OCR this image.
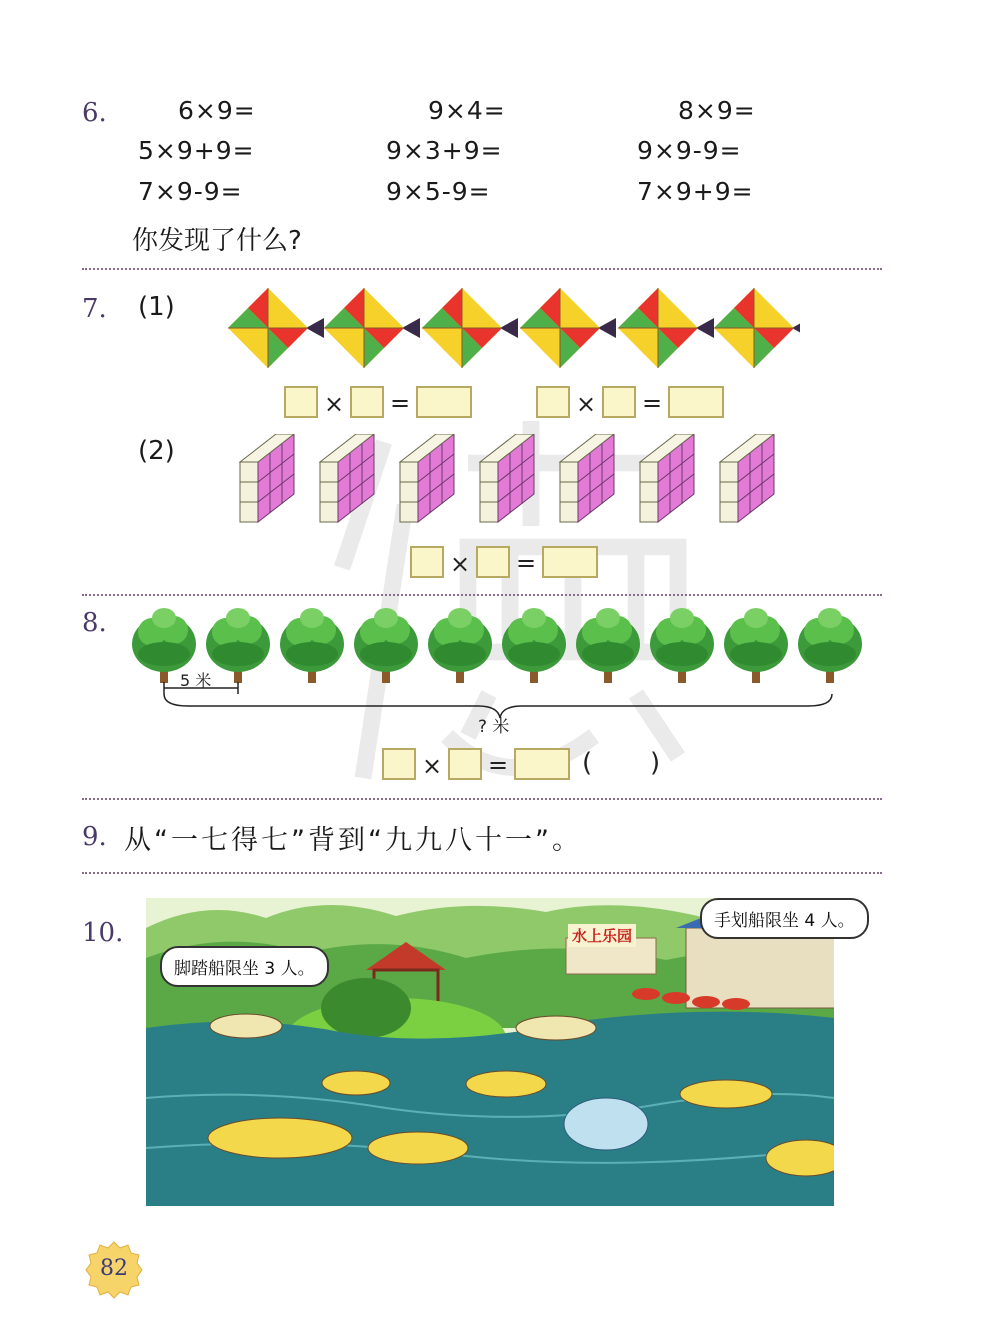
6.	6×9=	9×4=	8×9=
5×9+9=	9×3+9=	9×9-9=
7×9-9=	9×5-9=	7×9+9=
你发现了什么?
7. (1)
× =	× =
(2)
× =
8.
5 米
? 米
× =	( )
9. 从“一七得七”背到“九九八十一”。
10.	水上乐园
脚踏船限坐 3 人。
手划船限坐 4 人。
82
